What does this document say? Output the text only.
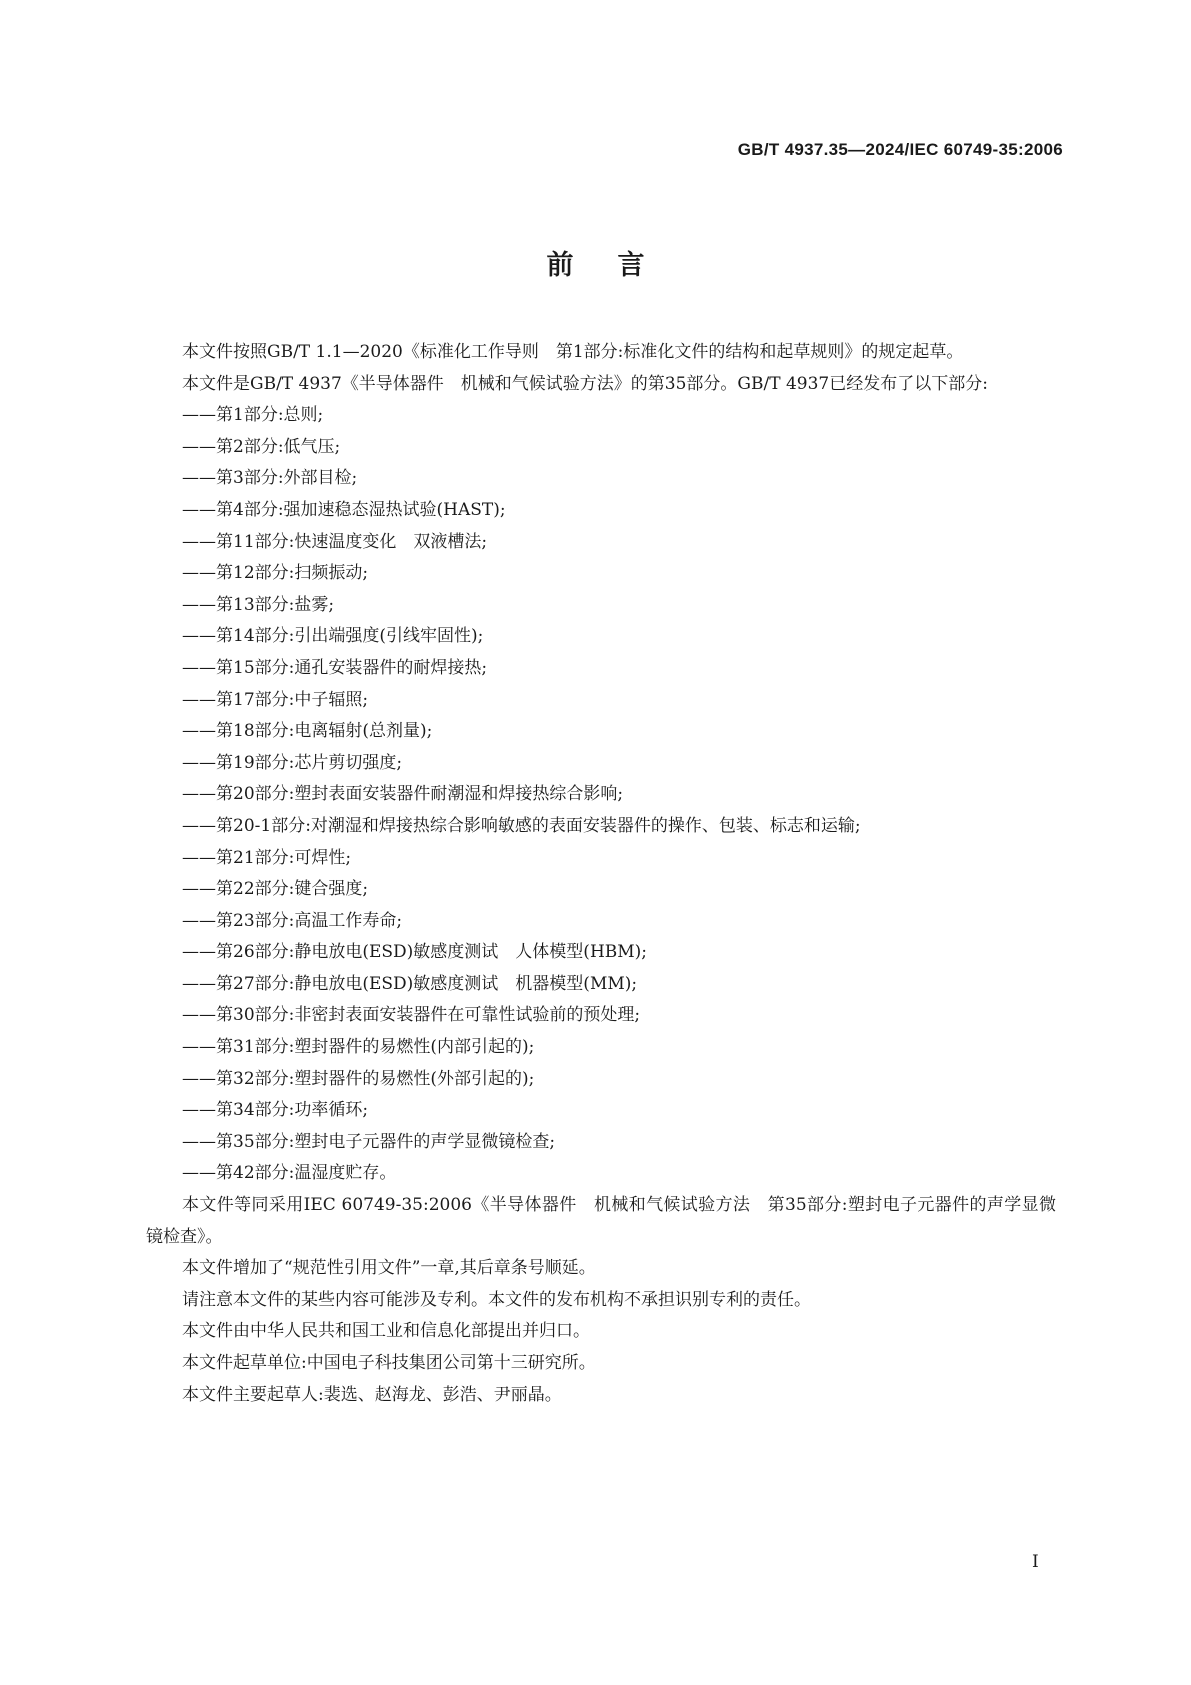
GB/T 4937.35—2024/IEC 60749-35:2006
前言

本文件按照GB/T 1.1—2020《标准化工作导则　第1部分:标准化文件的结构和起草规则》的规定起草。

本文件是GB/T 4937《半导体器件　机械和气候试验方法》的第35部分。GB/T 4937已经发布了以下部分:

——第1部分:总则;

——第2部分:低气压;

——第3部分:外部目检;

——第4部分:强加速稳态湿热试验(HAST);

——第11部分:快速温度变化　双液槽法;

——第12部分:扫频振动;

——第13部分:盐雾;

——第14部分:引出端强度(引线牢固性);

——第15部分:通孔安装器件的耐焊接热;

——第17部分:中子辐照;

——第18部分:电离辐射(总剂量);

——第19部分:芯片剪切强度;

——第20部分:塑封表面安装器件耐潮湿和焊接热综合影响;

——第20-1部分:对潮湿和焊接热综合影响敏感的表面安装器件的操作、包装、标志和运输;

——第21部分:可焊性;

——第22部分:键合强度;

——第23部分:高温工作寿命;

——第26部分:静电放电(ESD)敏感度测试　人体模型(HBM);

——第27部分:静电放电(ESD)敏感度测试　机器模型(MM);

——第30部分:非密封表面安装器件在可靠性试验前的预处理;

——第31部分:塑封器件的易燃性(内部引起的);

——第32部分:塑封器件的易燃性(外部引起的);

——第34部分:功率循环;

——第35部分:塑封电子元器件的声学显微镜检查;

——第42部分:温湿度贮存。

本文件等同采用IEC 60749-35:2006《半导体器件　机械和气候试验方法　第35部分:塑封电子元器件的声学显微镜检查》。

本文件增加了“规范性引用文件”一章,其后章条号顺延。

请注意本文件的某些内容可能涉及专利。本文件的发布机构不承担识别专利的责任。

本文件由中华人民共和国工业和信息化部提出并归口。

本文件起草单位:中国电子科技集团公司第十三研究所。

本文件主要起草人:裴选、赵海龙、彭浩、尹丽晶。

I
